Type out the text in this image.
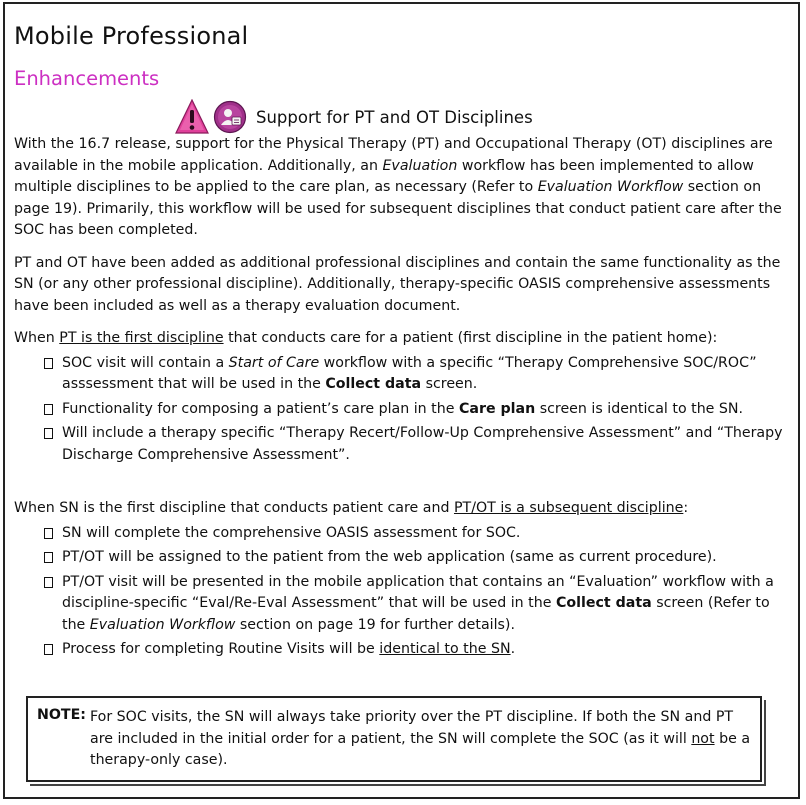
Mobile Professional
Enhancements
Support for PT and OT Disciplines

With the 16.7 release, support for the Physical Therapy (PT) and Occupational Therapy (OT) disciplines are available in the mobile application. Additionally, an Evaluation workflow has been implemented to allow multiple disciplines to be applied to the care plan, as necessary (Refer to Evaluation Workflow section on page 19). Primarily, this workflow will be used for subsequent disciplines that conduct patient care after the SOC has been completed.

PT and OT have been added as additional professional disciplines and contain the same functionality as the SN (or any other professional discipline). Additionally, therapy-specific OASIS comprehensive assessments have been included as well as a therapy evaluation document.

When PT is the first discipline that conducts care for a patient (first discipline in the patient home):

SOC visit will contain a Start of Care workflow with a specific “Therapy Comprehensive SOC/ROC” asssessment that will be used in the Collect data screen.
Functionality for composing a patient’s care plan in the Care plan screen is identical to the SN.
Will include a therapy specific “Therapy Recert/Follow-Up Comprehensive Assessment” and “Therapy Discharge Comprehensive Assessment”.

When SN is the first discipline that conducts patient care and PT/OT is a subsequent discipline:

SN will complete the comprehensive OASIS assessment for SOC.
PT/OT will be assigned to the patient from the web application (same as current procedure).
PT/OT visit will be presented in the mobile application that contains an “Evaluation” workflow with a discipline-specific “Eval/Re-Eval Assessment” that will be used in the Collect data screen (Refer to the Evaluation Workflow section on page 19 for further details).
Process for completing Routine Visits will be identical to the SN.
NOTE: For SOC visits, the SN will always take priority over the PT discipline. If both the SN and PT are included in the initial order for a patient, the SN will complete the SOC (as it will not be a therapy-only case).
